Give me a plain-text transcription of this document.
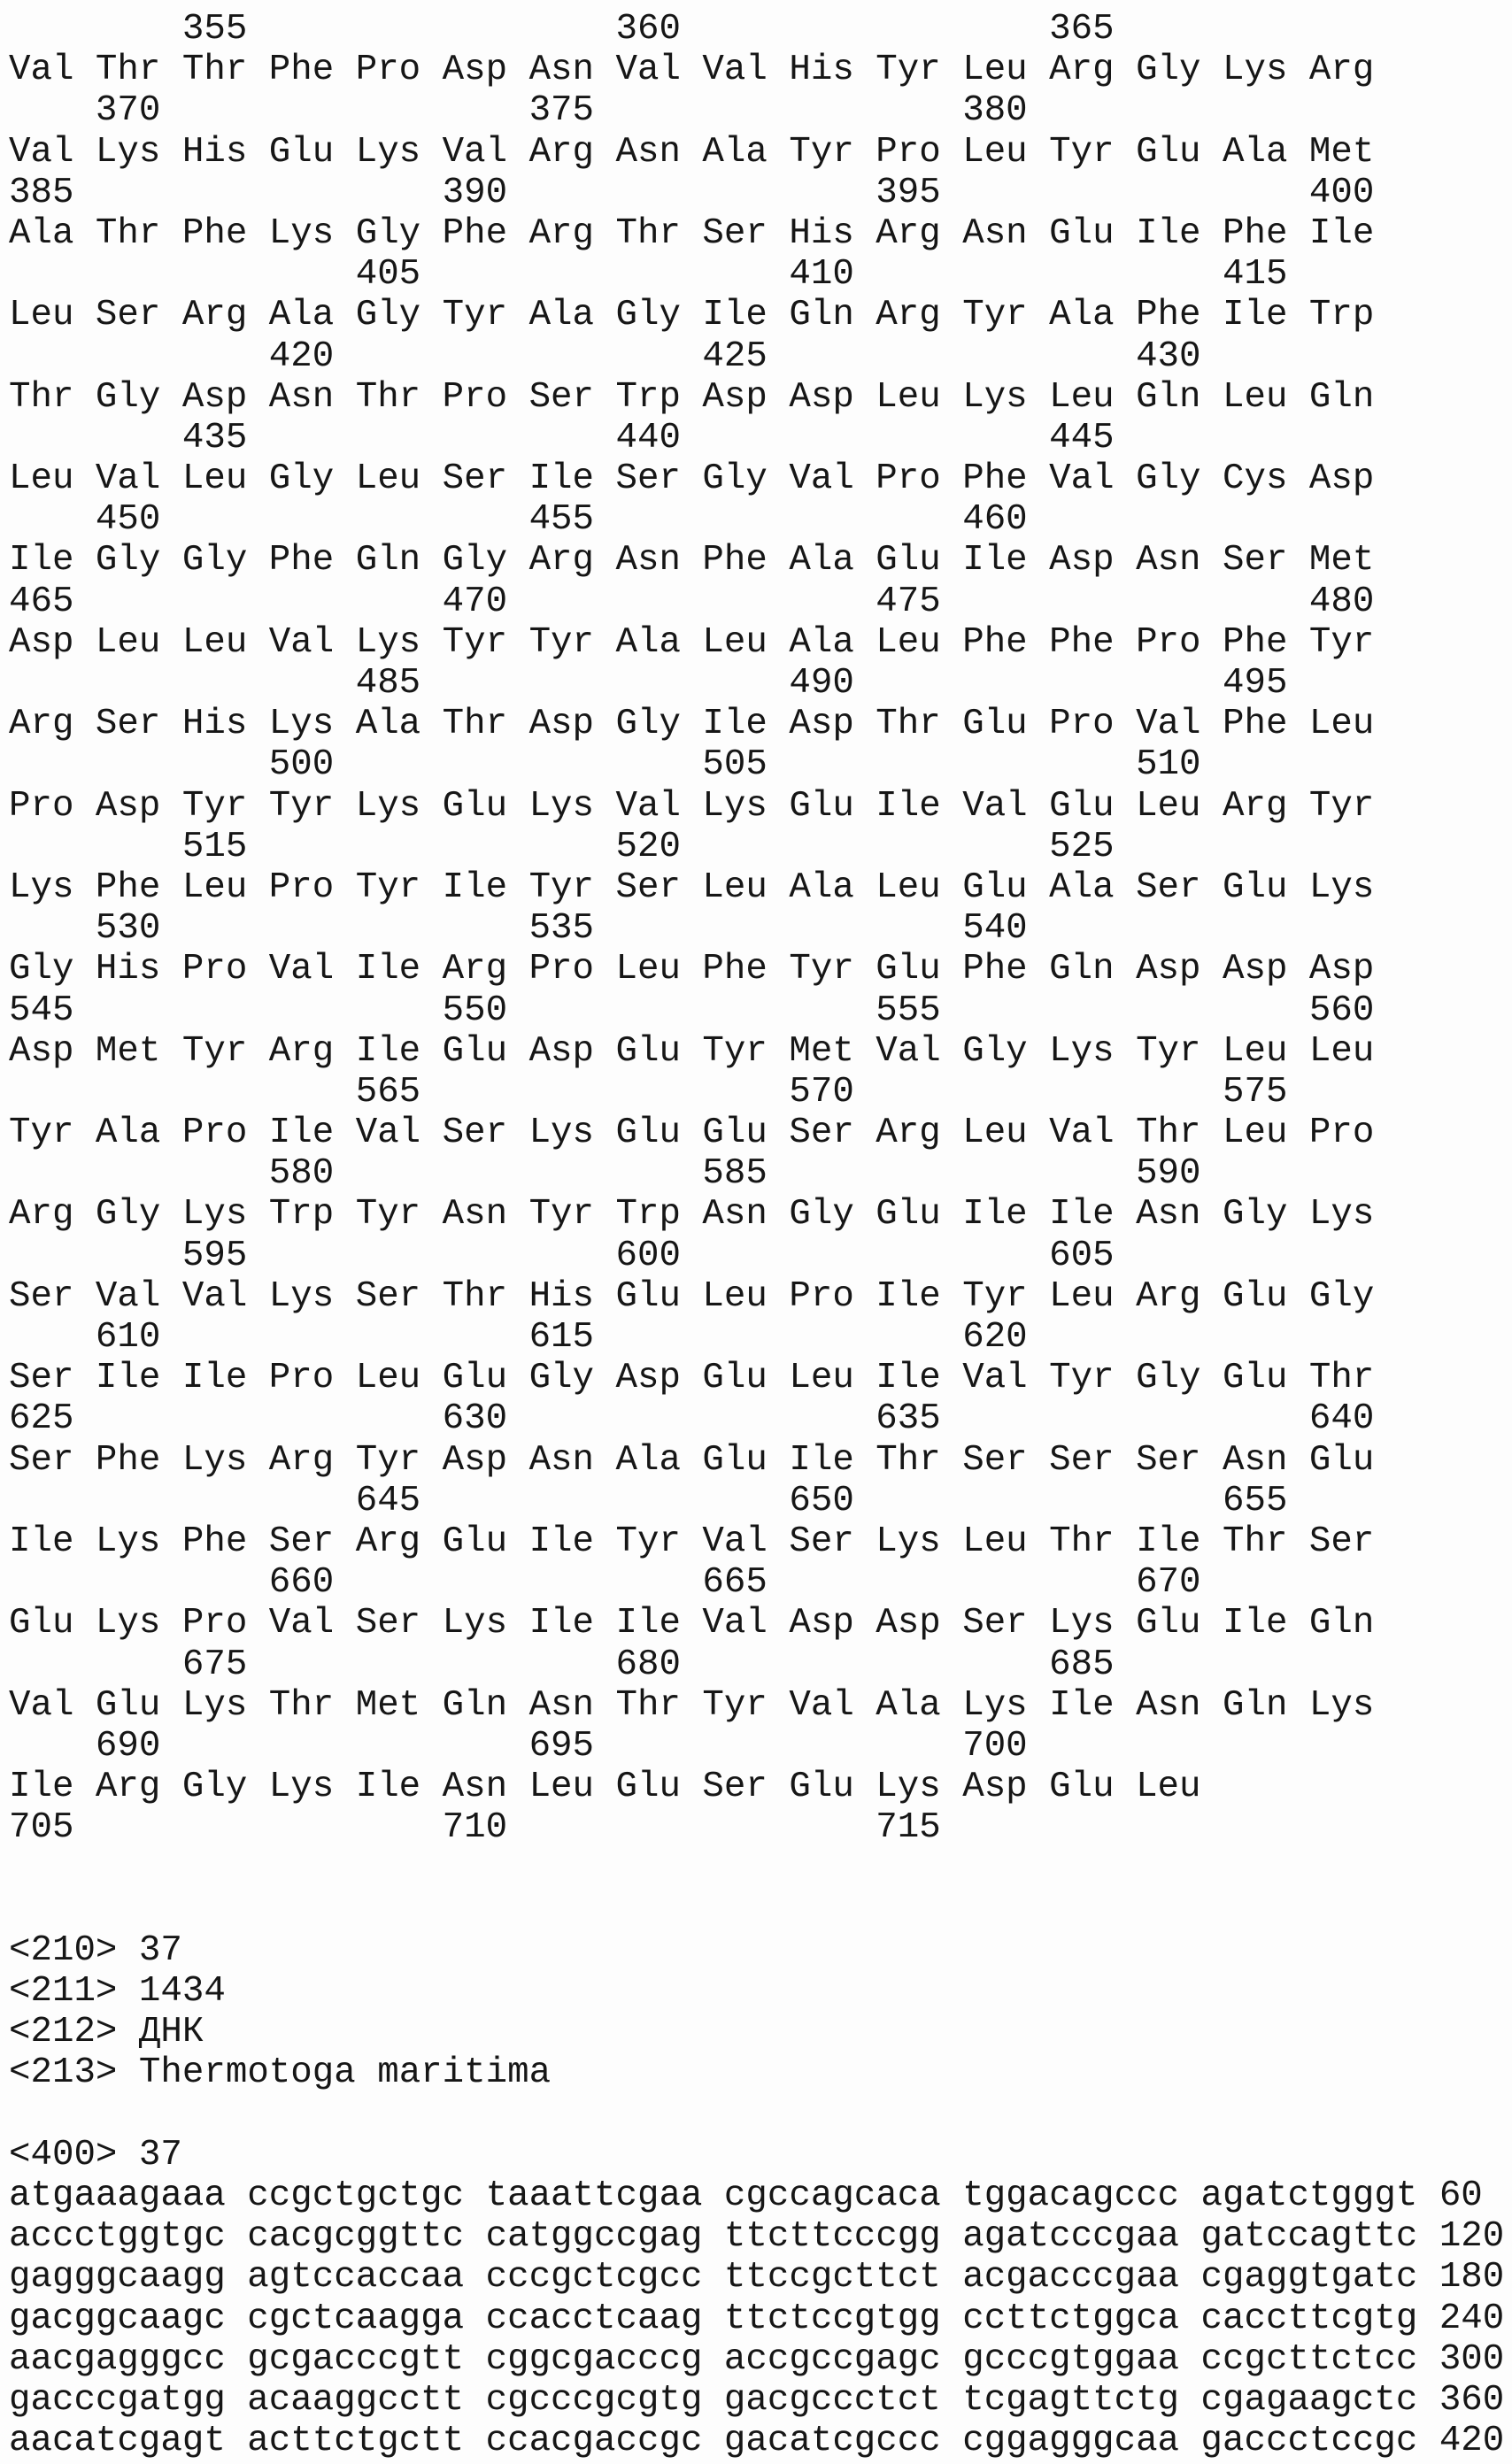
355                 360                 365
Val Thr Thr Phe Pro Asp Asn Val Val His Tyr Leu Arg Gly Lys Arg
370                 375                 380
Val Lys His Glu Lys Val Arg Asn Ala Tyr Pro Leu Tyr Glu Ala Met
385                 390                 395                 400
Ala Thr Phe Lys Gly Phe Arg Thr Ser His Arg Asn Glu Ile Phe Ile
405                 410                 415
Leu Ser Arg Ala Gly Tyr Ala Gly Ile Gln Arg Tyr Ala Phe Ile Trp
420                 425                 430
Thr Gly Asp Asn Thr Pro Ser Trp Asp Asp Leu Lys Leu Gln Leu Gln
435                 440                 445
Leu Val Leu Gly Leu Ser Ile Ser Gly Val Pro Phe Val Gly Cys Asp
450                 455                 460
Ile Gly Gly Phe Gln Gly Arg Asn Phe Ala Glu Ile Asp Asn Ser Met
465                 470                 475                 480
Asp Leu Leu Val Lys Tyr Tyr Ala Leu Ala Leu Phe Phe Pro Phe Tyr
485                 490                 495
Arg Ser His Lys Ala Thr Asp Gly Ile Asp Thr Glu Pro Val Phe Leu
500                 505                 510
Pro Asp Tyr Tyr Lys Glu Lys Val Lys Glu Ile Val Glu Leu Arg Tyr
515                 520                 525
Lys Phe Leu Pro Tyr Ile Tyr Ser Leu Ala Leu Glu Ala Ser Glu Lys
530                 535                 540
Gly His Pro Val Ile Arg Pro Leu Phe Tyr Glu Phe Gln Asp Asp Asp
545                 550                 555                 560
Asp Met Tyr Arg Ile Glu Asp Glu Tyr Met Val Gly Lys Tyr Leu Leu
565                 570                 575
Tyr Ala Pro Ile Val Ser Lys Glu Glu Ser Arg Leu Val Thr Leu Pro
580                 585                 590
Arg Gly Lys Trp Tyr Asn Tyr Trp Asn Gly Glu Ile Ile Asn Gly Lys
595                 600                 605
Ser Val Val Lys Ser Thr His Glu Leu Pro Ile Tyr Leu Arg Glu Gly
610                 615                 620
Ser Ile Ile Pro Leu Glu Gly Asp Glu Leu Ile Val Tyr Gly Glu Thr
625                 630                 635                 640
Ser Phe Lys Arg Tyr Asp Asn Ala Glu Ile Thr Ser Ser Ser Asn Glu
645                 650                 655
Ile Lys Phe Ser Arg Glu Ile Tyr Val Ser Lys Leu Thr Ile Thr Ser
660                 665                 670
Glu Lys Pro Val Ser Lys Ile Ile Val Asp Asp Ser Lys Glu Ile Gln
675                 680                 685
Val Glu Lys Thr Met Gln Asn Thr Tyr Val Ala Lys Ile Asn Gln Lys
690                 695                 700
Ile Arg Gly Lys Ile Asn Leu Glu Ser Glu Lys Asp Glu Leu
705                 710                 715
<210> 37
<211> 1434
<212> ДНК
<213> Thermotoga maritima
<400> 37
atgaaagaaa ccgctgctgc taaattcgaa cgccagcaca tggacagccc agatctgggt 60
accctggtgc cacgcggttc catggccgag ttcttcccgg agatcccgaa gatccagttc 120
gagggcaagg agtccaccaa cccgctcgcc ttccgcttct acgacccgaa cgaggtgatc 180
gacggcaagc cgctcaagga ccacctcaag ttctccgtgg ccttctggca caccttcgtg 240
aacgagggcc gcgacccgtt cggcgacccg accgccgagc gcccgtggaa ccgcttctcc 300
gacccgatgg acaaggcctt cgcccgcgtg gacgccctct tcgagttctg cgagaagctc 360
aacatcgagt acttctgctt ccacgaccgc gacatcgccc cggagggcaa gaccctccgc 420
